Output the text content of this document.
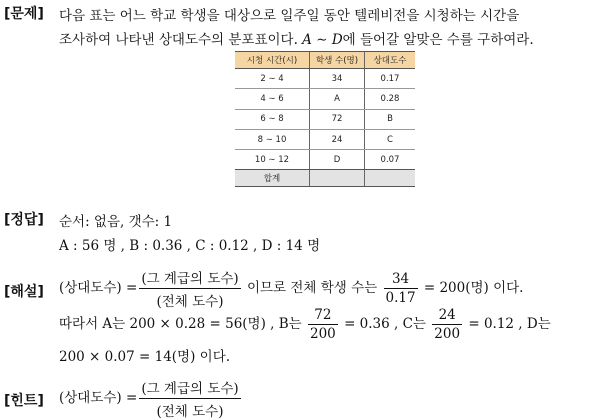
[문제] 다음 표는 어느 학교 학생을 대상으로 일주일 동안 텔레비전을 시청하는 시간을
조사하여 나타낸 상대도수의 분포표이다. A ∼ D에 들어갈 알맞은 수를 구하여라.
시청 시간(시)	학생 수(명)	상대도수
2 ∼ 4	34	0.17
4 ∼ 6	A	0.28
6 ∼ 8	72	B
8 ∼ 10	24	C
10 ∼ 12	D	0.07
합계		
[정답] 순서: 없음, 갯수: 1
A : 56 명 , B : 0.36 , C : 0.12 , D : 14 명
[해설] (상대도수) = $\frac{\text{(그 계급의 도수)}}{\text{(전체 도수)}}$ 이므로 전체 학생 수는 $\frac{34}{0.17} = 200$(명) 이다.
따라서 A는 200 × 0.28 = 56(명) , B는 $\frac{72}{200} = 0.36$ , C는 $\frac{24}{200} = 0.12$ , D는
200 × 0.07 = 14(명) 이다.
[힌트] (상대도수) = $\frac{\text{(그 계급의 도수)}}{\text{(전체 도수)}}$
